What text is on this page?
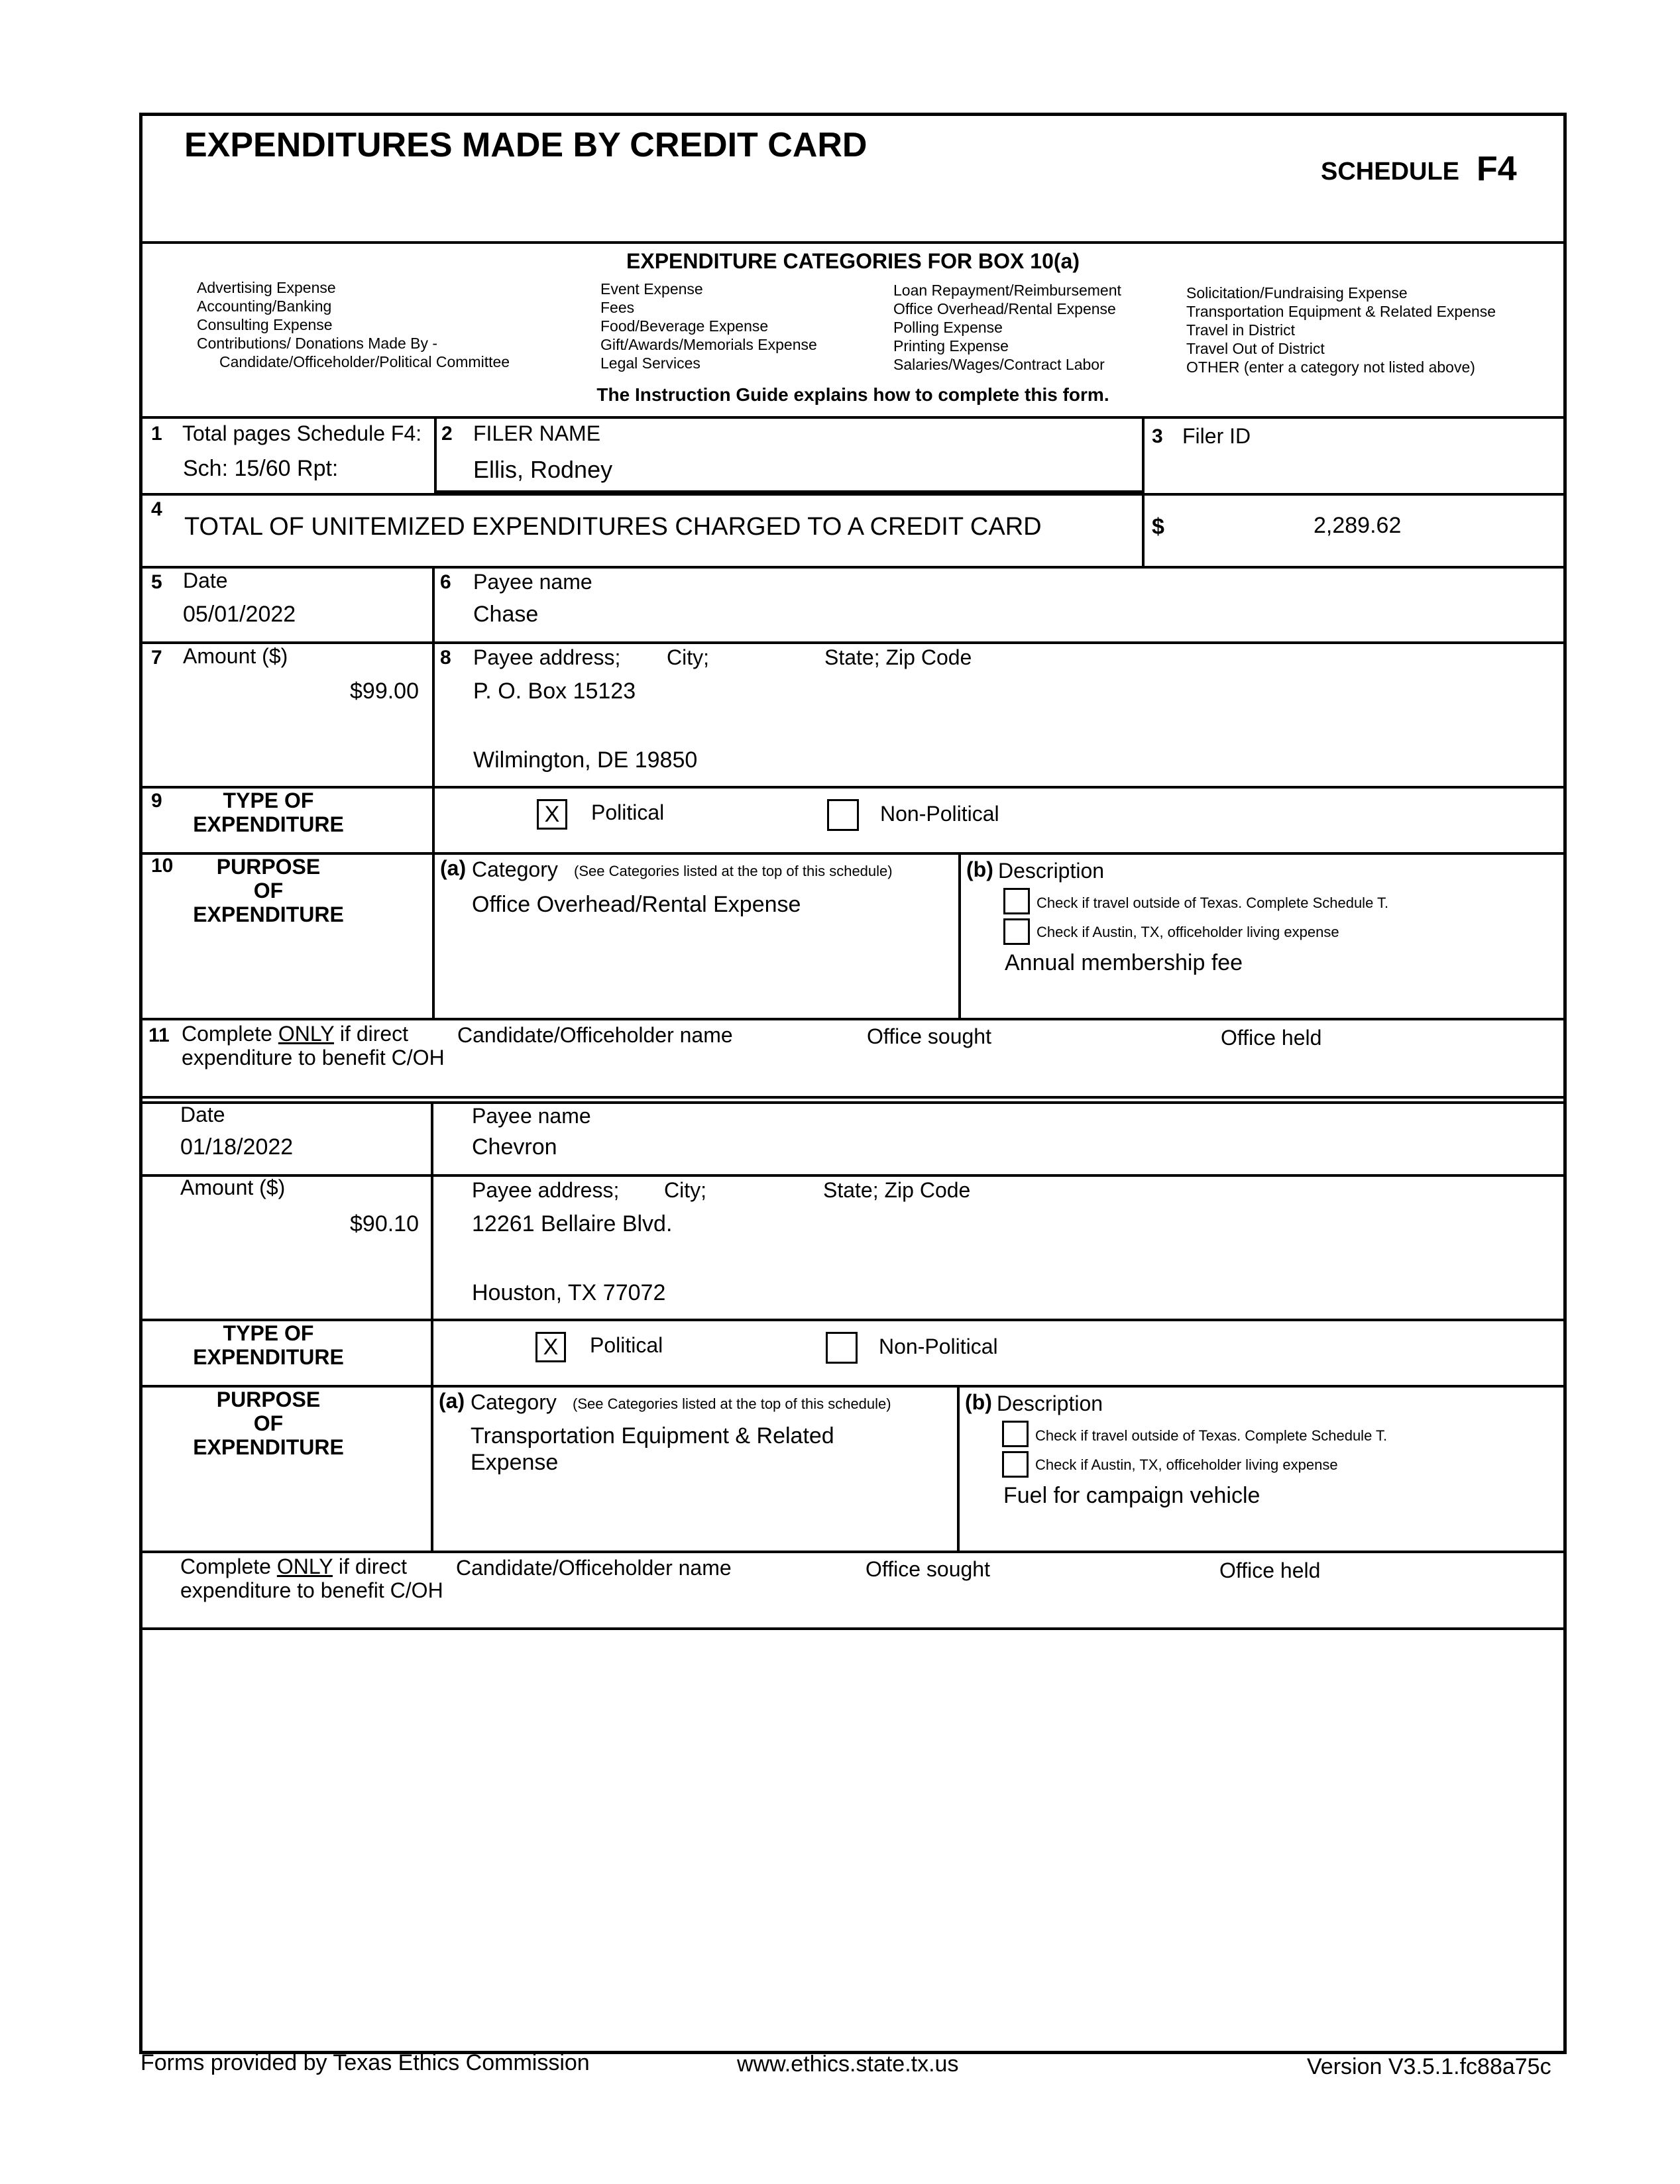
EXPENDITURES MADE BY CREDIT CARD
SCHEDULE F4
EXPENDITURE CATEGORIES FOR BOX 10(a)
Advertising Expense
Accounting/Banking
Consulting Expense
Contributions/ Donations Made By -
Candidate/Officeholder/Political Committee
Event Expense
Fees
Food/Beverage Expense
Gift/Awards/Memorials Expense
Legal Services
Loan Repayment/Reimbursement
Office Overhead/Rental Expense
Polling Expense
Printing Expense
Salaries/Wages/Contract Labor
Solicitation/Fundraising Expense
Transportation Equipment & Related Expense
Travel in District
Travel Out of District
OTHER (enter a category not listed above)
The Instruction Guide explains how to complete this form.
1 Total pages Schedule F4:
Sch: 15/60 Rpt:
2 FILER NAME
Ellis, Rodney
3 Filer ID
4
TOTAL OF UNITEMIZED EXPENDITURES CHARGED TO A CREDIT CARD	$	2,289.62
5 Date
05/01/2022
6 Payee name
Chase
7 Amount ($)
$99.00
8 Payee address; City;	State; Zip Code
P. O. Box 15123
Wilmington, DE 19850
9	TYPE OF
EXPENDITURE	X Political	Non-Political
10	PURPOSE
OF
EXPENDITURE
(a) Category (See Categories listed at the top of this schedule)
Office Overhead/Rental Expense
(b) Description
Check if travel outside of Texas. Complete Schedule T.
Check if Austin, TX, officeholder living expense
Annual membership fee
11 Complete ONLY if direct
expenditure to benefit C/OH
Candidate/Officeholder name	Office sought	Office held
Date
01/18/2022
Payee name
Chevron
Amount ($)
$90.10
Payee address; City;	State; Zip Code
12261 Bellaire Blvd.
Houston, TX 77072
TYPE OF
EXPENDITURE	X Political	Non-Political
PURPOSE
OF
EXPENDITURE
(a) Category (See Categories listed at the top of this schedule)
Transportation Equipment & Related
Expense
(b) Description
Check if travel outside of Texas. Complete Schedule T.
Check if Austin, TX, officeholder living expense
Fuel for campaign vehicle
Complete ONLY if direct
expenditure to benefit C/OH
Candidate/Officeholder name	Office sought	Office held
Forms provided by Texas Ethics Commission	www.ethics.state.tx.us	Version V3.5.1.fc88a75c
